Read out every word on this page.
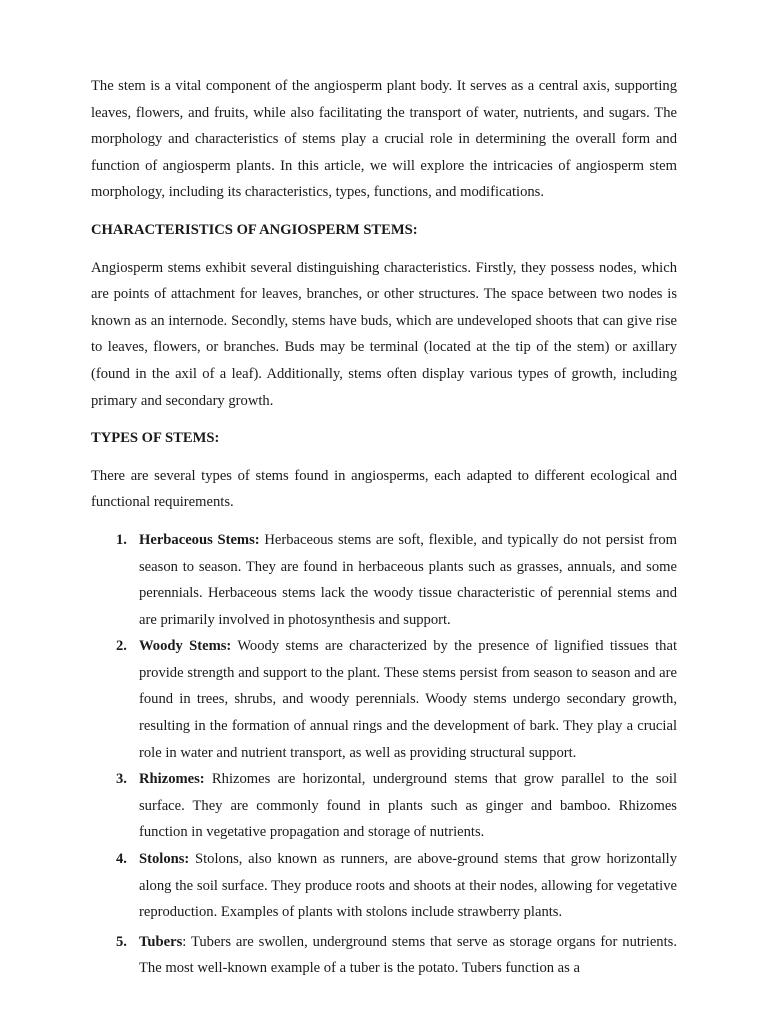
The stem is a vital component of the angiosperm plant body. It serves as a central axis, supporting leaves, flowers, and fruits, while also facilitating the transport of water, nutrients, and sugars. The morphology and characteristics of stems play a crucial role in determining the overall form and function of angiosperm plants. In this article, we will explore the intricacies of angiosperm stem morphology, including its characteristics, types, functions, and modifications.

CHARACTERISTICS OF ANGIOSPERM STEMS:

Angiosperm stems exhibit several distinguishing characteristics. Firstly, they possess nodes, which are points of attachment for leaves, branches, or other structures. The space between two nodes is known as an internode. Secondly, stems have buds, which are undeveloped shoots that can give rise to leaves, flowers, or branches. Buds may be terminal (located at the tip of the stem) or axillary (found in the axil of a leaf). Additionally, stems often display various types of growth, including primary and secondary growth.

TYPES OF STEMS:

There are several types of stems found in angiosperms, each adapted to different ecological and functional requirements.

1. Herbaceous Stems: Herbaceous stems are soft, flexible, and typically do not persist from season to season. They are found in herbaceous plants such as grasses, annuals, and some perennials. Herbaceous stems lack the woody tissue characteristic of perennial stems and are primarily involved in photosynthesis and support.
2. Woody Stems: Woody stems are characterized by the presence of lignified tissues that provide strength and support to the plant. These stems persist from season to season and are found in trees, shrubs, and woody perennials. Woody stems undergo secondary growth, resulting in the formation of annual rings and the development of bark. They play a crucial role in water and nutrient transport, as well as providing structural support.
3. Rhizomes: Rhizomes are horizontal, underground stems that grow parallel to the soil surface. They are commonly found in plants such as ginger and bamboo. Rhizomes function in vegetative propagation and storage of nutrients.
4. Stolons: Stolons, also known as runners, are above-ground stems that grow horizontally along the soil surface. They produce roots and shoots at their nodes, allowing for vegetative reproduction. Examples of plants with stolons include strawberry plants.
5. Tubers: Tubers are swollen, underground stems that serve as storage organs for nutrients. The most well-known example of a tuber is the potato. Tubers function as a
